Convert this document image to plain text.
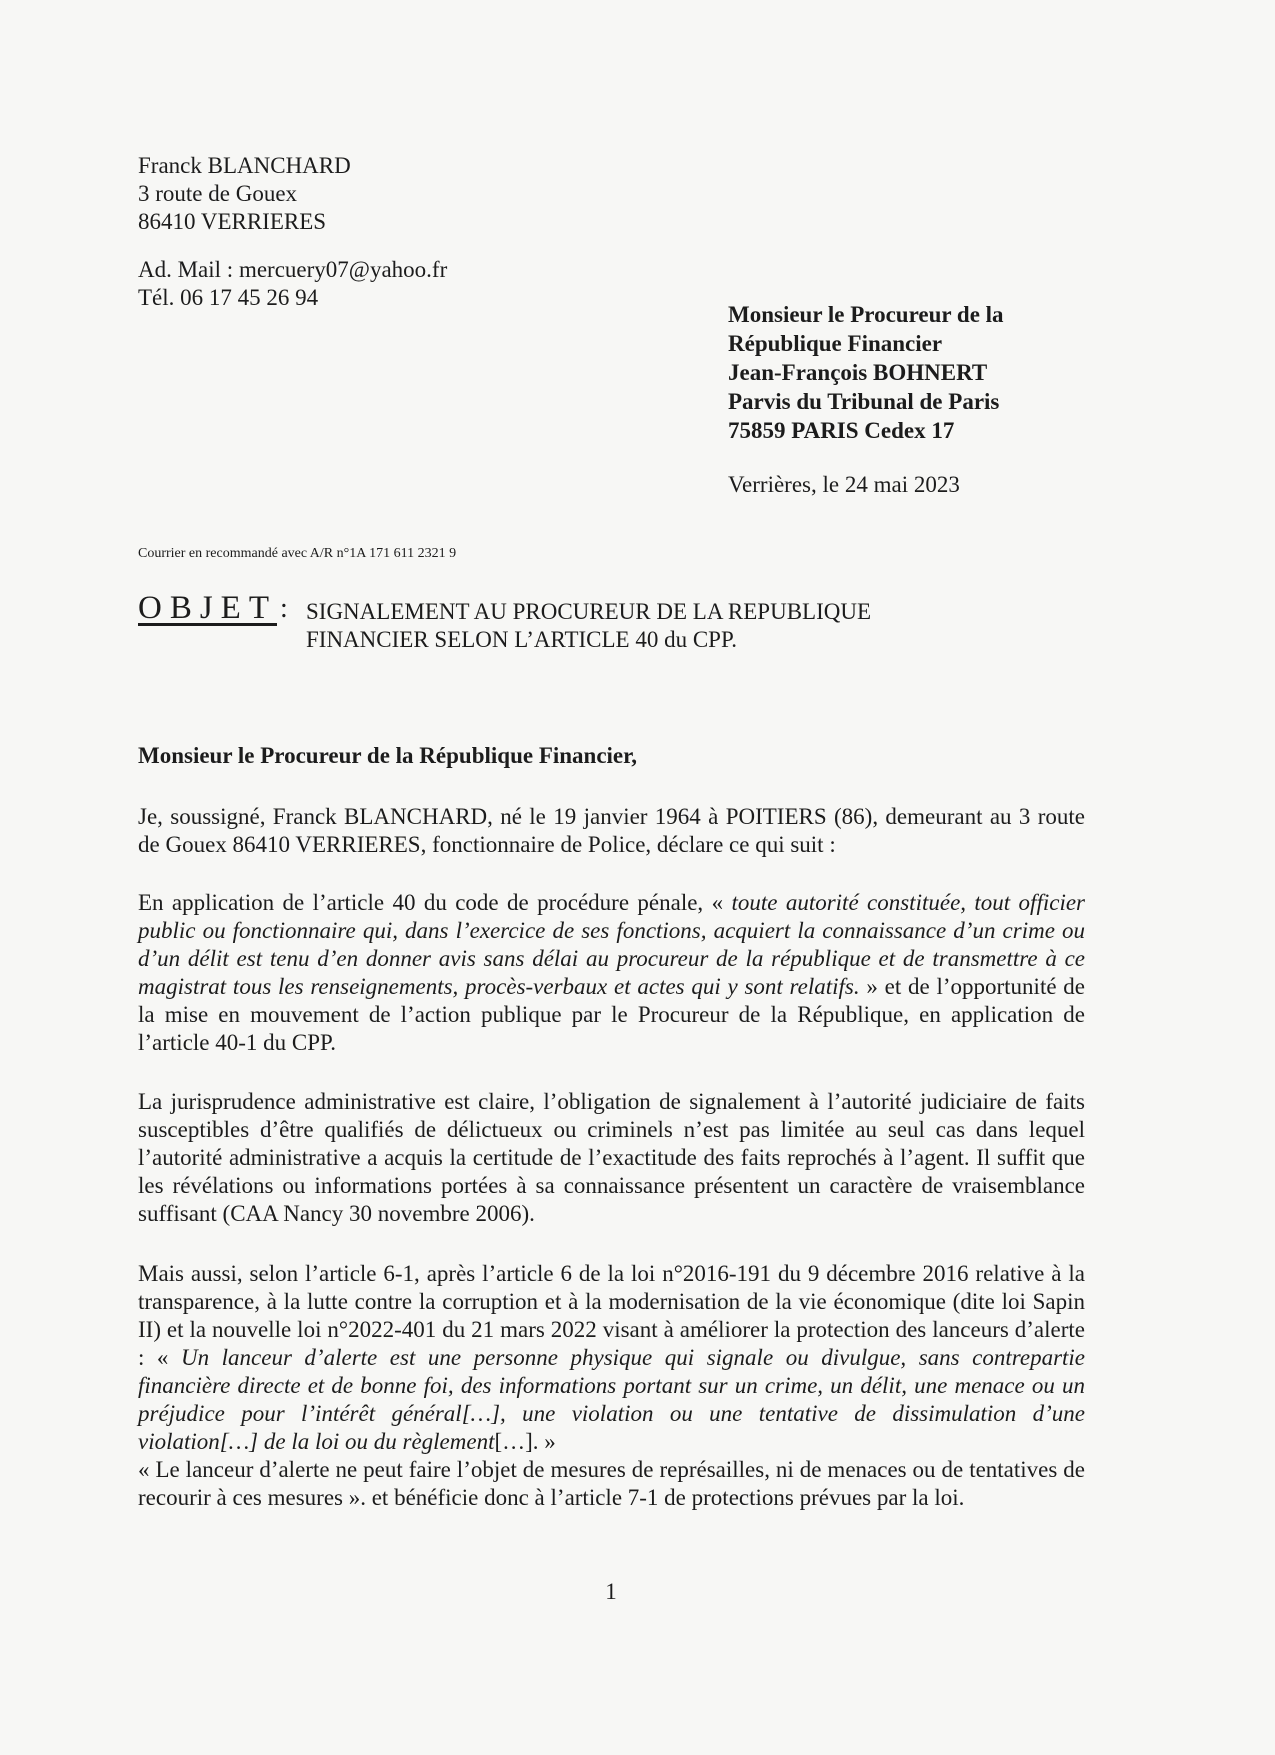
Franck BLANCHARD
3 route de Gouex
86410 VERRIERES
Ad. Mail : mercuery07@yahoo.fr
Tél. 06 17 45 26 94
Monsieur le Procureur de la
République Financier
Jean-François BOHNERT
Parvis du Tribunal de Paris
75859 PARIS Cedex 17
Verrières, le 24 mai 2023
Courrier en recommandé avec A/R n°1A 171 611 2321 9
OBJET : SIGNALEMENT AU PROCUREUR DE LA REPUBLIQUE
FINANCIER SELON L’ARTICLE 40 du CPP.
Monsieur le Procureur de la République Financier,
Je, soussigné, Franck BLANCHARD, né le 19 janvier 1964 à POITIERS (86), demeurant au 3 route de Gouex 86410 VERRIERES, fonctionnaire de Police, déclare ce qui suit :
En application de l’article 40 du code de procédure pénale, « toute autorité constituée, tout officier public ou fonctionnaire qui, dans l’exercice de ses fonctions, acquiert la connaissance d’un crime ou d’un délit est tenu d’en donner avis sans délai au procureur de la république et de transmettre à ce magistrat tous les renseignements, procès-verbaux et actes qui y sont relatifs. » et de l’opportunité de la mise en mouvement de l’action publique par le Procureur de la République, en application de l’article 40-1 du CPP.
La jurisprudence administrative est claire, l’obligation de signalement à l’autorité judiciaire de faits susceptibles d’être qualifiés de délictueux ou criminels n’est pas limitée au seul cas dans lequel l’autorité administrative a acquis la certitude de l’exactitude des faits reprochés à l’agent. Il suffit que les révélations ou informations portées à sa connaissance présentent un caractère de vraisemblance suffisant (CAA Nancy 30 novembre 2006).
Mais aussi, selon l’article 6-1, après l’article 6 de la loi n°2016-191 du 9 décembre 2016 relative à la transparence, à la lutte contre la corruption et à la modernisation de la vie économique (dite loi Sapin II) et la nouvelle loi n°2022-401 du 21 mars 2022 visant à améliorer la protection des lanceurs d’alerte : « Un lanceur d’alerte est une personne physique qui signale ou divulgue, sans contrepartie financière directe et de bonne foi, des informations portant sur un crime, un délit, une menace ou un préjudice pour l’intérêt général[…], une violation ou une tentative de dissimulation d’une violation[…] de la loi ou du règlement[…]. »
« Le lanceur d’alerte ne peut faire l’objet de mesures de représailles, ni de menaces ou de tentatives de recourir à ces mesures ». et bénéficie donc à l’article 7-1 de protections prévues par la loi.
1
